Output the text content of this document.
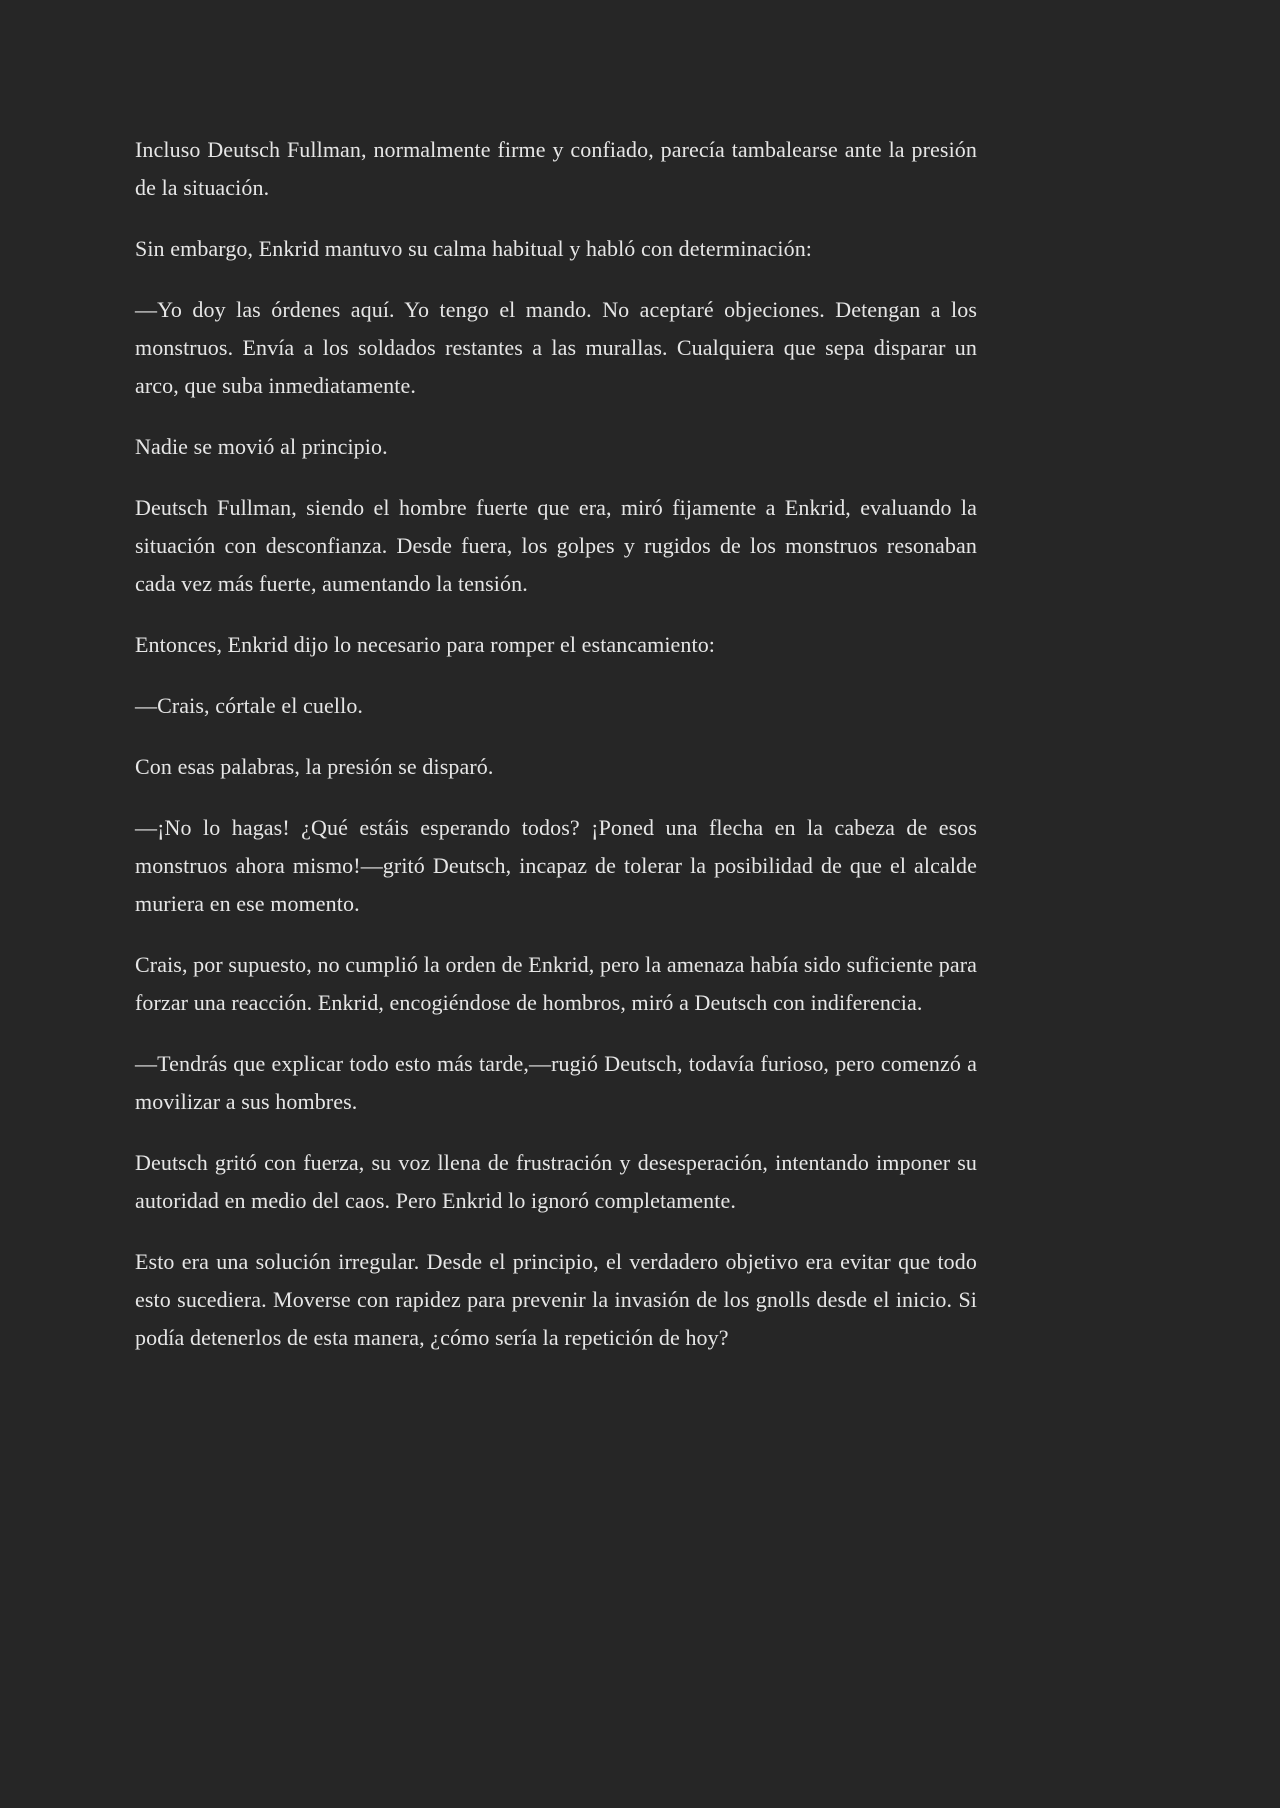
Incluso Deutsch Fullman, normalmente firme y confiado, parecía tambalearse ante la presión de la situación.

Sin embargo, Enkrid mantuvo su calma habitual y habló con determinación:

—Yo doy las órdenes aquí. Yo tengo el mando. No aceptaré objeciones. Detengan a los monstruos. Envía a los soldados restantes a las murallas. Cualquiera que sepa disparar un arco, que suba inmediatamente.

Nadie se movió al principio.

Deutsch Fullman, siendo el hombre fuerte que era, miró fijamente a Enkrid, evaluando la situación con desconfianza. Desde fuera, los golpes y rugidos de los monstruos resonaban cada vez más fuerte, aumentando la tensión.

Entonces, Enkrid dijo lo necesario para romper el estancamiento:

—Crais, córtale el cuello.

Con esas palabras, la presión se disparó.

—¡No lo hagas! ¿Qué estáis esperando todos? ¡Poned una flecha en la cabeza de esos monstruos ahora mismo!—gritó Deutsch, incapaz de tolerar la posibilidad de que el alcalde muriera en ese momento.

Crais, por supuesto, no cumplió la orden de Enkrid, pero la amenaza había sido suficiente para forzar una reacción. Enkrid, encogiéndose de hombros, miró a Deutsch con indiferencia.

—Tendrás que explicar todo esto más tarde,—rugió Deutsch, todavía furioso, pero comenzó a movilizar a sus hombres.

Deutsch gritó con fuerza, su voz llena de frustración y desesperación, intentando imponer su autoridad en medio del caos. Pero Enkrid lo ignoró completamente.

Esto era una solución irregular. Desde el principio, el verdadero objetivo era evitar que todo esto sucediera. Moverse con rapidez para prevenir la invasión de los gnolls desde el inicio. Si podía detenerlos de esta manera, ¿cómo sería la repetición de hoy?
